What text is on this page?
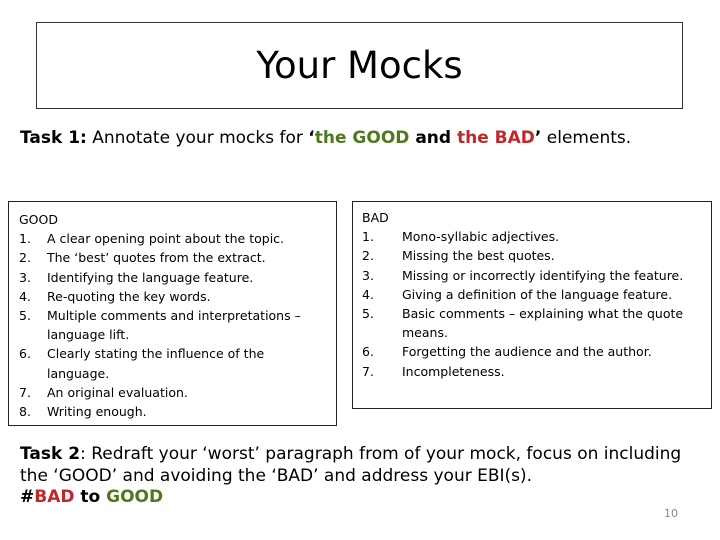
Your Mocks
Task 1: Annotate your mocks for ‘the GOOD and the BAD’ elements.
GOOD
1. A clear opening point about the topic.
2. The ‘best’ quotes from the extract.
3. Identifying the language feature.
4. Re-quoting the key words.
5. Multiple comments and interpretations – language lift.
6. Clearly stating the influence of the language.
7. An original evaluation.
8. Writing enough.
BAD
1. Mono-syllabic adjectives.
2. Missing the best quotes.
3. Missing or incorrectly identifying the feature.
4. Giving a definition of the language feature.
5. Basic comments – explaining what the quote means.
6. Forgetting the audience and the author.
7. Incompleteness.
Task 2: Redraft your ‘worst’ paragraph from of your mock, focus on including the ‘GOOD’ and avoiding the ‘BAD’ and address your EBI(s).
#BAD to GOOD
10
